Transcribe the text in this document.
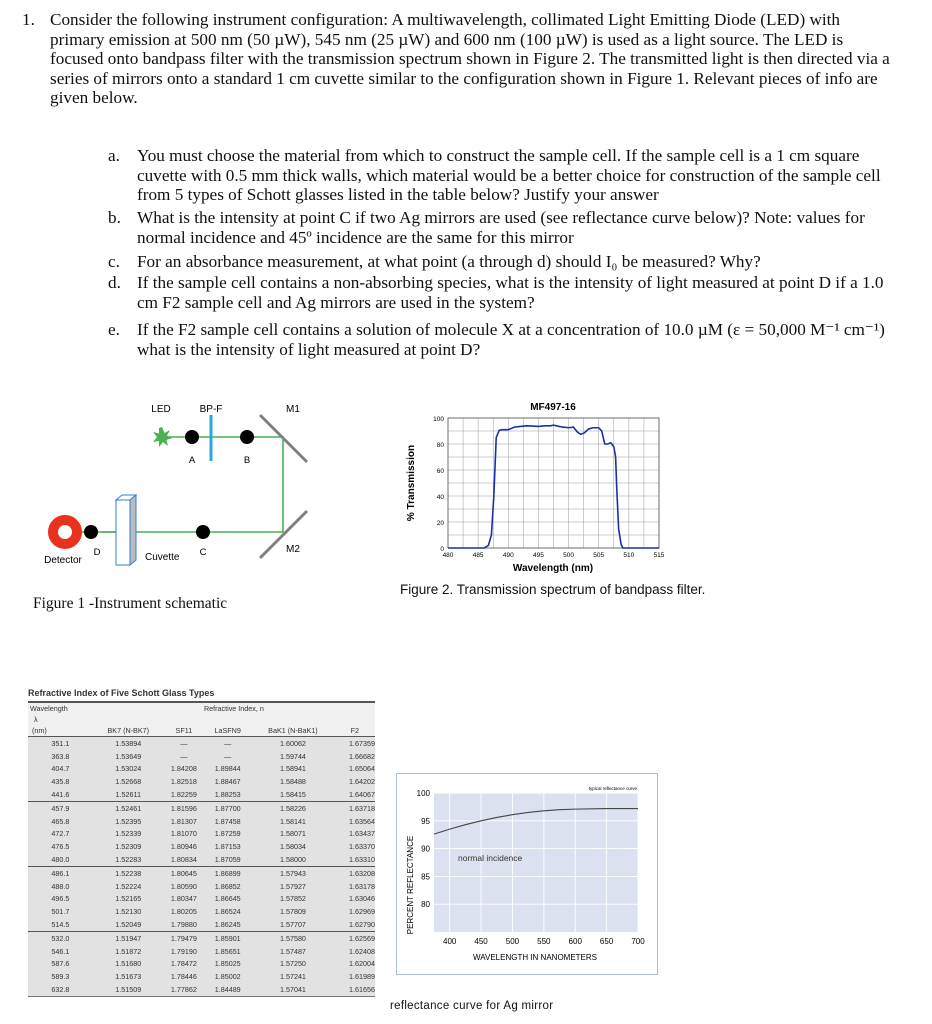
1. Consider the following instrument configuration: A multiwavelength, collimated Light Emitting Diode (LED) with primary emission at 500 nm (50 µW), 545 nm (25 µW) and 600 nm (100 µW) is used as a light source. The LED is focused onto bandpass filter with the transmission spectrum shown in Figure 2. The transmitted light is then directed via a series of mirrors onto a standard 1 cm cuvette similar to the configuration shown in Figure 1. Relevant pieces of info are given below.
a. You must choose the material from which to construct the sample cell. If the sample cell is a 1 cm square cuvette with 0.5 mm thick walls, which material would be a better choice for construction of the sample cell from 5 types of Schott glasses listed in the table below? Justify your answer
b. What is the intensity at point C if two Ag mirrors are used (see reflectance curve below)? Note: values for normal incidence and 45º incidence are the same for this mirror
c. For an absorbance measurement, at what point (a through d) should I₀ be measured? Why?
d. If the sample cell contains a non-absorbing species, what is the intensity of light measured at point D if a 1.0 cm F2 sample cell and Ag mirrors are used in the system?
e. If the F2 sample cell contains a solution of molecule X at a concentration of 10.0 µM (ε = 50,000 M⁻¹ cm⁻¹) what is the intensity of light measured at point D?
LED	BP-F	M1
A	B
C
D	Cuvette
M2
Detector
Figure 1 -Instrument schematic
MF497-16
% Transmission
Wavelength (nm)
480	485	490	495	500	505	510	515
0
20
40
60
80
100
Figure 2. Transmission spectrum of bandpass filter.
Refractive Index of Five Schott Glass Types
Wavelength	Refractive Index, n				
λ					
(nm)	BK7 (N-BK7)	SF11	LaSFN9	BaK1 (N-BaK1)	F2
351.1	1.53894	—	—	1.60062	1.67359
363.8	1.53649	—	—	1.59744	1.66682
404.7	1.53024	1.84208	1.89844	1.58941	1.65064
435.8	1.52668	1.82518	1.88467	1.58488	1.64202
441.6	1.52611	1.82259	1.88253	1.58415	1.64067
457.9	1.52461	1.81596	1.87700	1.58226	1.63718
465.8	1.52395	1.81307	1.87458	1.58141	1.63564
472.7	1.52339	1.81070	1.87259	1.58071	1.63437
476.5	1.52309	1.80946	1.87153	1.58034	1.63370
480.0	1.52283	1.80834	1.87059	1.58000	1.63310
486.1	1.52238	1.80645	1.86899	1.57943	1.63208
488.0	1.52224	1.80590	1.86852	1.57927	1.63178
496.5	1.52165	1.80347	1.86645	1.57852	1.63046
501.7	1.52130	1.80205	1.86524	1.57809	1.62969
514.5	1.52049	1.79880	1.86245	1.57707	1.62790
532.0	1.51947	1.79479	1.85901	1.57580	1.62569
546.1	1.51872	1.79190	1.85651	1.57487	1.62408
587.6	1.51680	1.78472	1.85025	1.57250	1.62004
589.3	1.51673	1.78446	1.85002	1.57241	1.61989
632.8	1.51509	1.77862	1.84489	1.57041	1.61656
typical reflectance curve
PERCENT REFLECTANCE
WAVELENGTH IN NANOMETERS
400 450 500 550 600 650 700
80
85
90
95
100
normal incidence
reflectance curve for Ag mirror
